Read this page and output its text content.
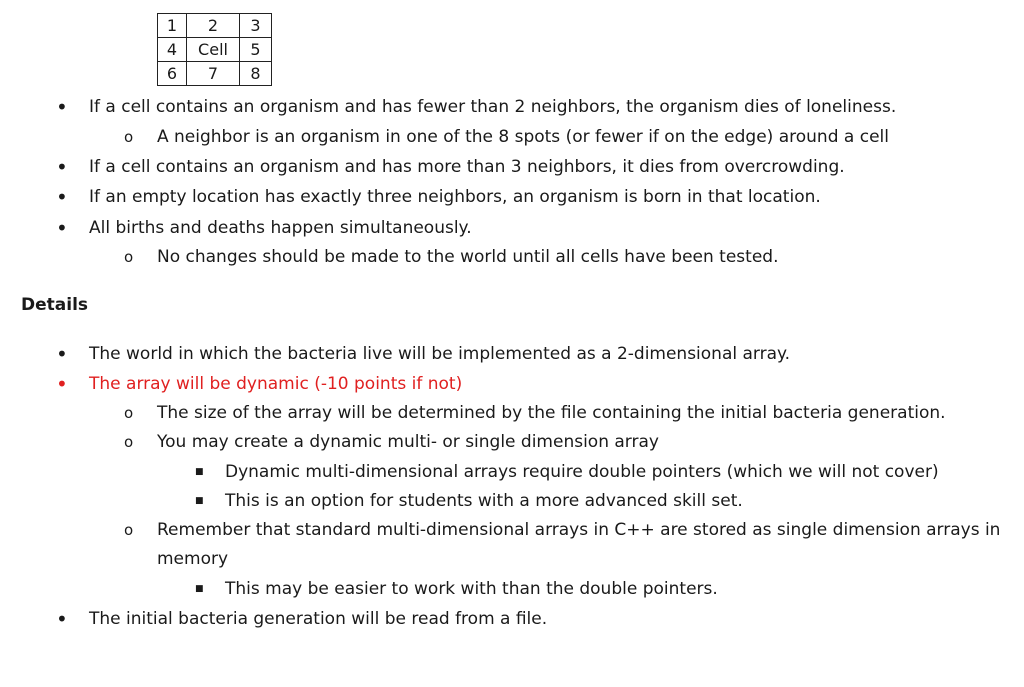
1	2	3
4	Cell	5
6	7	8
• If a cell contains an organism and has fewer than 2 neighbors, the organism dies of loneliness.
o A neighbor is an organism in one of the 8 spots (or fewer if on the edge) around a cell
• If a cell contains an organism and has more than 3 neighbors, it dies from overcrowding.
• If an empty location has exactly three neighbors, an organism is born in that location.
• All births and deaths happen simultaneously.
o No changes should be made to the world until all cells have been tested.
Details
• The world in which the bacteria live will be implemented as a 2-dimensional array.
• The array will be dynamic (-10 points if not)
o The size of the array will be determined by the file containing the initial bacteria generation.
o You may create a dynamic multi- or single dimension array
■ Dynamic multi-dimensional arrays require double pointers (which we will not cover)
■ This is an option for students with a more advanced skill set.
o Remember that standard multi-dimensional arrays in C++ are stored as single dimension arrays in
memory
■ This may be easier to work with than the double pointers.
• The initial bacteria generation will be read from a file.
